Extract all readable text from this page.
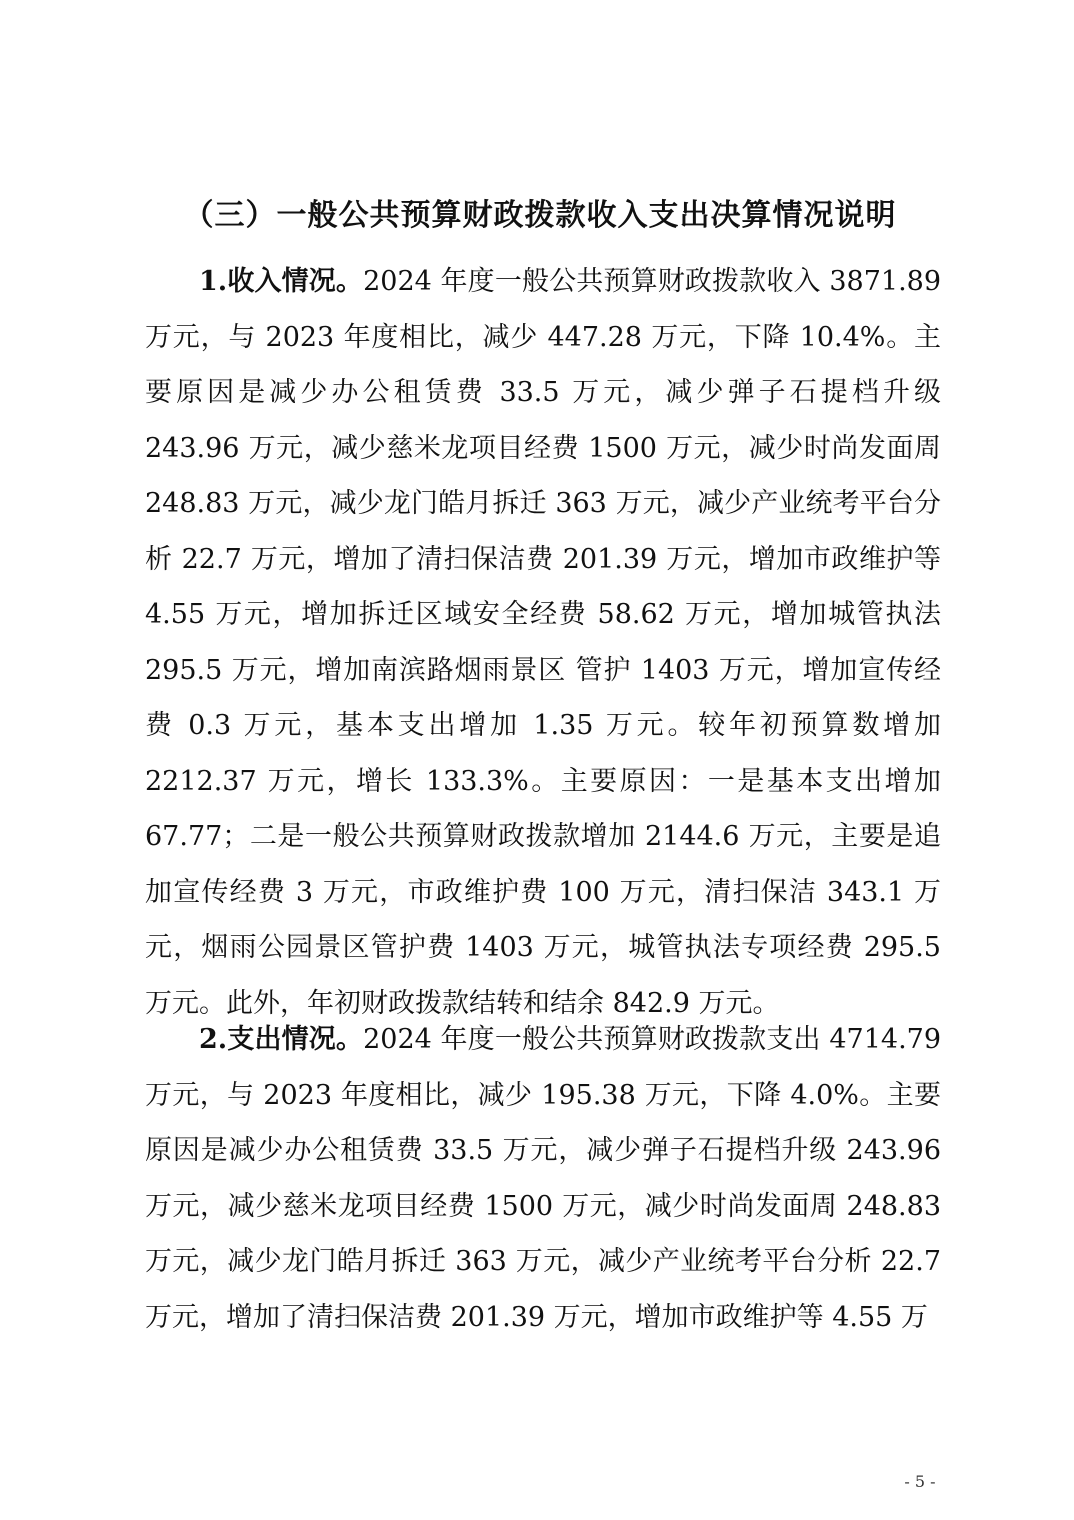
（三）一般公共预算财政拨款收入支出决算情况说明

1.收入情况。2024 年度一般公共预算财政拨款收入 3871.89 万元，与 2023 年度相比，减少 447.28 万元，下降 10.4%。主要原因是减少办公租赁费 33.5 万元，减少弹子石提档升级 243.96 万元，减少慈米龙项目经费 1500 万元，减少时尚发面周 248.83 万元，减少龙门皓月拆迁 363 万元，减少产业统考平台分析 22.7 万元，增加了清扫保洁费 201.39 万元，增加市政维护等 4.55 万元，增加拆迁区域安全经费 58.62 万元，增加城管执法 295.5 万元，增加南滨路烟雨景区 管护 1403 万元，增加宣传经费 0.3 万元，基本支出增加 1.35 万元。较年初预算数增加 2212.37 万元，增长 133.3%。主要原因：一是基本支出增加 67.77；二是一般公共预算财政拨款增加 2144.6 万元，主要是追加宣传经费 3 万元，市政维护费 100 万元，清扫保洁 343.1 万元，烟雨公园景区管护费 1403 万元，城管执法专项经费 295.5 万元。此外，年初财政拨款结转和结余 842.9 万元。

2.支出情况。2024 年度一般公共预算财政拨款支出 4714.79 万元，与 2023 年度相比，减少 195.38 万元，下降 4.0%。主要原因是减少办公租赁费 33.5 万元，减少弹子石提档升级 243.96 万元，减少慈米龙项目经费 1500 万元，减少时尚发面周 248.83 万元，减少龙门皓月拆迁 363 万元，减少产业统考平台分析 22.7 万元，增加了清扫保洁费 201.39 万元，增加市政维护等 4.55 万

- 5 -
